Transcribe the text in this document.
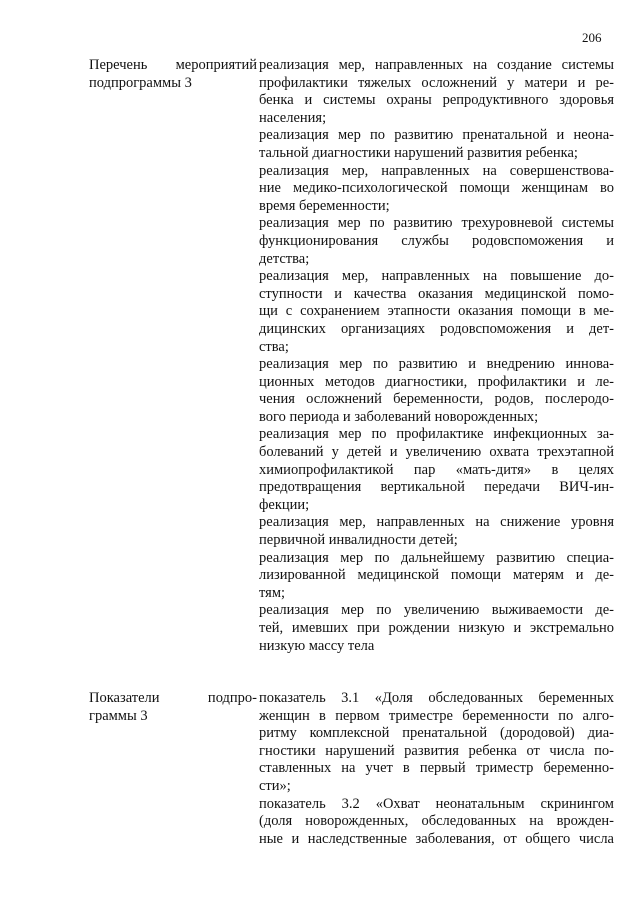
206
Перечень мероприятий
подпрограммы 3
реализация мер, направленных на создание системы
профилактики тяжелых осложнений у матери и ре-
бенка и системы охраны репродуктивного здоровья
населения;
реализация мер по развитию пренатальной и неона-
тальной диагностики нарушений развития ребенка;
реализация мер, направленных на совершенствова-
ние медико-психологической помощи женщинам во
время беременности;
реализация мер по развитию трехуровневой системы
функционирования службы родовспоможения и
детства;
реализация мер, направленных на повышение до-
ступности и качества оказания медицинской помо-
щи с сохранением этапности оказания помощи в ме-
дицинских организациях родовспоможения и дет-
ства;
реализация мер по развитию и внедрению иннова-
ционных методов диагностики, профилактики и ле-
чения осложнений беременности, родов, послеродо-
вого периода и заболеваний новорожденных;
реализация мер по профилактике инфекционных за-
болеваний у детей и увеличению охвата трехэтапной
химиопрофилактикой пар «мать-дитя» в целях
предотвращения вертикальной передачи ВИЧ-ин-
фекции;
реализация мер, направленных на снижение уровня
первичной инвалидности детей;
реализация мер по дальнейшему развитию специа-
лизированной медицинской помощи матерям и де-
тям;
реализация мер по увеличению выживаемости де-
тей, имевших при рождении низкую и экстремально
низкую массу тела
Показатели подпро-
граммы 3
показатель 3.1 «Доля обследованных беременных
женщин в первом триместре беременности по алго-
ритму комплексной пренатальной (дородовой) диа-
гностики нарушений развития ребенка от числа по-
ставленных на учет в первый триместр беременно-
сти»;
показатель 3.2 «Охват неонатальным скринингом
(доля новорожденных, обследованных на врожден-
ные и наследственные заболевания, от общего числа
